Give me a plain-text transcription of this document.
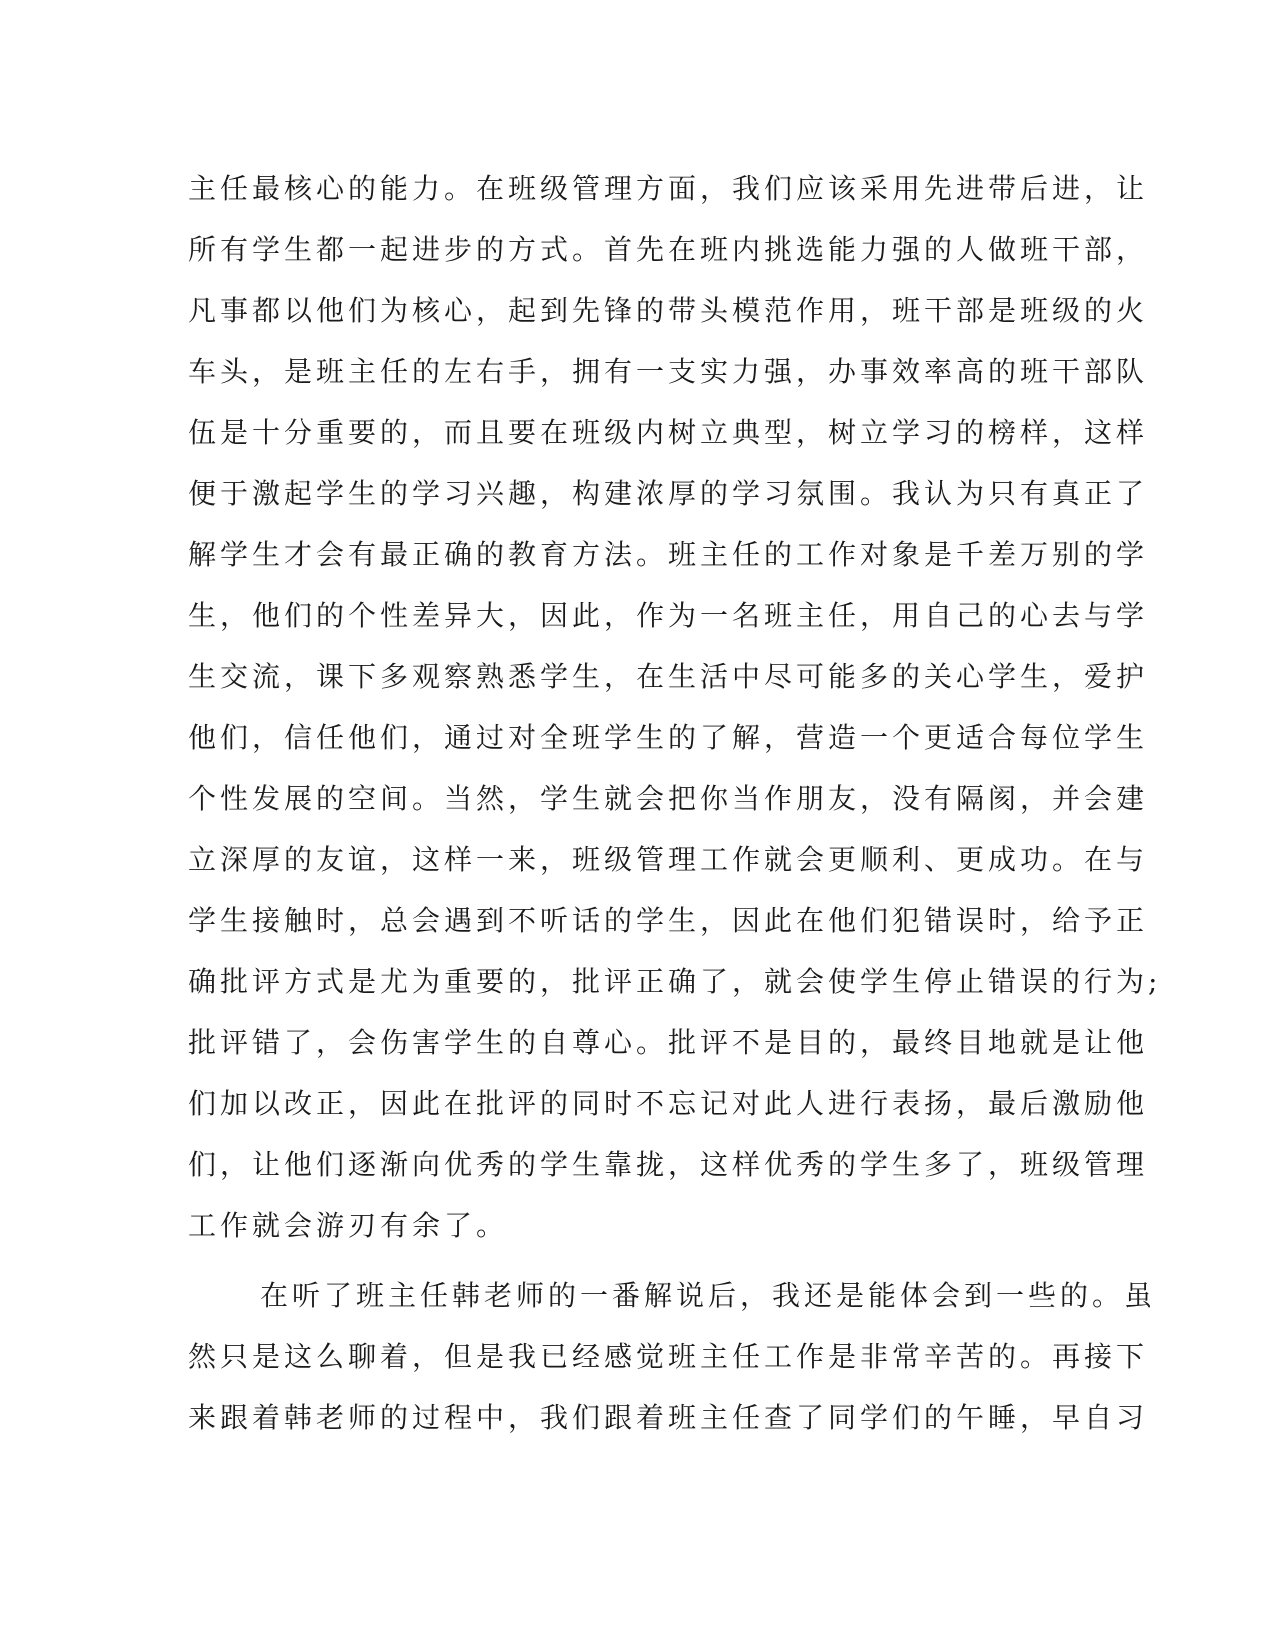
主任最核心的能力。在班级管理方面，我们应该采用先进带后进，让
所有学生都一起进步的方式。首先在班内挑选能力强的人做班干部，
凡事都以他们为核心，起到先锋的带头模范作用，班干部是班级的火
车头，是班主任的左右手，拥有一支实力强，办事效率高的班干部队
伍是十分重要的，而且要在班级内树立典型，树立学习的榜样，这样
便于激起学生的学习兴趣，构建浓厚的学习氛围。我认为只有真正了
解学生才会有最正确的教育方法。班主任的工作对象是千差万别的学
生，他们的个性差异大，因此，作为一名班主任，用自己的心去与学
生交流，课下多观察熟悉学生，在生活中尽可能多的关心学生，爱护
他们，信任他们，通过对全班学生的了解，营造一个更适合每位学生
个性发展的空间。当然，学生就会把你当作朋友，没有隔阂，并会建
立深厚的友谊，这样一来，班级管理工作就会更顺利、更成功。在与
学生接触时，总会遇到不听话的学生，因此在他们犯错误时，给予正
确批评方式是尤为重要的，批评正确了，就会使学生停止错误的行为;
批评错了，会伤害学生的自尊心。批评不是目的，最终目地就是让他
们加以改正，因此在批评的同时不忘记对此人进行表扬，最后激励他
们，让他们逐渐向优秀的学生靠拢，这样优秀的学生多了，班级管理
工作就会游刃有余了。
在听了班主任韩老师的一番解说后，我还是能体会到一些的。虽
然只是这么聊着，但是我已经感觉班主任工作是非常辛苦的。再接下
来跟着韩老师的过程中，我们跟着班主任查了同学们的午睡，早自习
